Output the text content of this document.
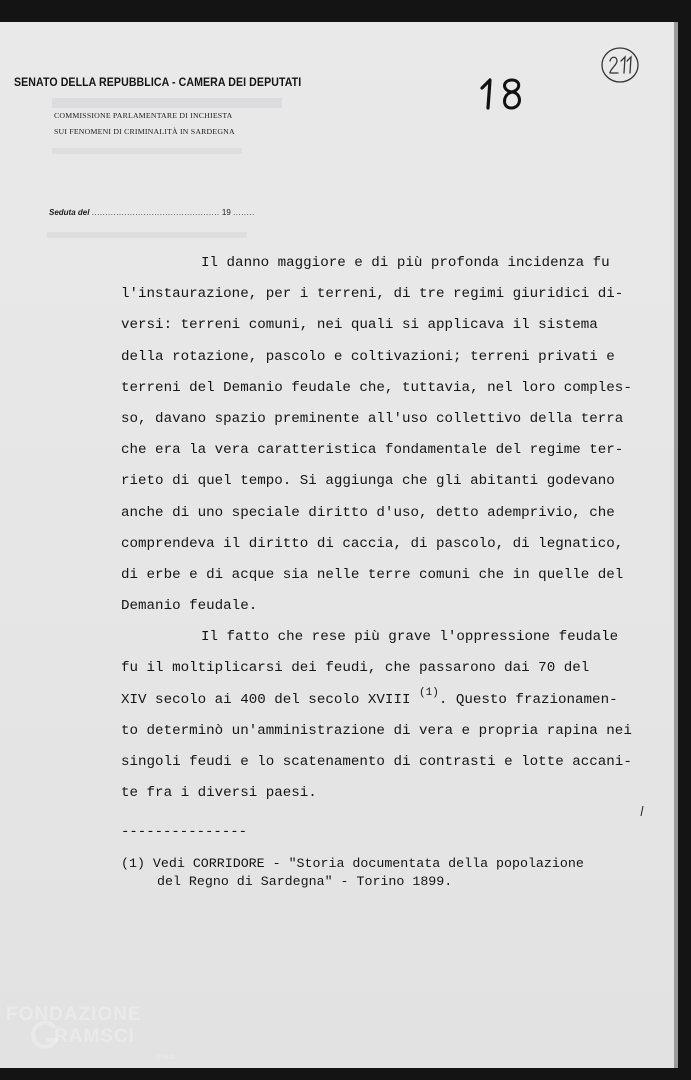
SENATO DELLA REPUBBLICA - CAMERA DEI DEPUTATI
COMMISSIONE PARLAMENTARE DI INCHIESTA
SUI FENOMENI DI CRIMINALITÀ IN SARDEGNA
Seduta del ............................................... 19 ........
Il danno maggiore e di più profonda incidenza fu
l'instaurazione, per i terreni, di tre regimi giuridici di-
versi: terreni comuni, nei quali si applicava il sistema
della rotazione, pascolo e coltivazioni; terreni privati e
terreni del Demanio feudale che, tuttavia, nel loro comples-
so, davano spazio preminente all'uso collettivo della terra
che era la vera caratteristica fondamentale del regime ter-
rieto di quel tempo. Si aggiunga che gli abitanti godevano
anche di uno speciale diritto d'uso, detto ademprivio, che
comprendeva il diritto di caccia, di pascolo, di legnatico,
di erbe e di acque sia nelle terre comuni che in quelle del
Demanio feudale.
Il fatto che rese più grave l'oppressione feudale
fu il moltiplicarsi dei feudi, che passarono dai 70 del
XIV secolo ai 400 del secolo XVIII $^{(1)}$. Questo frazionamen-
to determinò un'amministrazione di vera e propria rapina nei
singoli feudi e lo scatenamento di contrasti e lotte accani-
te fra i diversi paesi.
---------------
(1) Vedi CORRIDORE - "Storia documentata della popolazione
del Regno di Sardegna" - Torino 1899.
FONDAZIONE
RAMSCI
onlus
